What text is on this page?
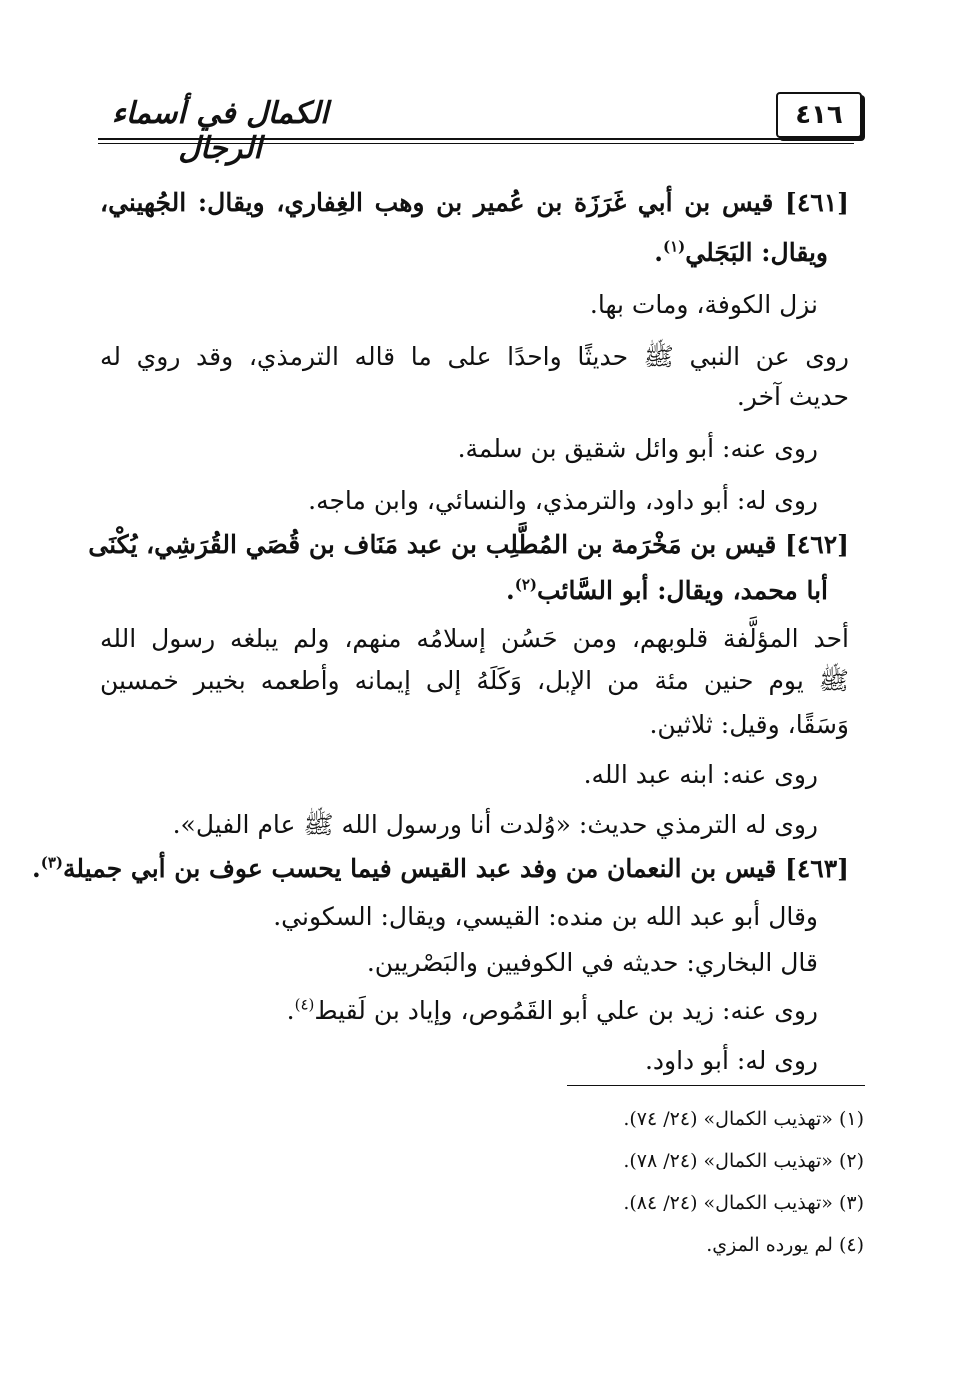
٤١٦
الكمال في أسماء الرجال
[٤٦١] قيس بن أبي غَرَزَة بن عُمير بن وهب الغِفاري، ويقال: الجُهيني،
ويقال: البَجَلي$^{(١)}$.
نزل الكوفة، ومات بها.
روى عن النبي ﷺ حديثًا واحدًا على ما قاله الترمذي، وقد روي له
حديث آخر.
روى عنه: أبو وائل شقيق بن سلمة.
روى له: أبو داود، والترمذي، والنسائي، وابن ماجه.
[٤٦٢] قيس بن مَخْرَمة بن المُطَّلِب بن عبد مَنَاف بن قُصَي القُرَشِي، يُكْنَى
أبا محمد، ويقال: أبو السَّائب$^{(٢)}$.
أحد المؤلَّفة قلوبهم، ومن حَسُن إسلامُه منهم، ولم يبلغه رسول الله
ﷺ يوم حنين مئة من الإبل، وَكَلَهُ إلى إيمانه وأطعمه بخيبر خمسين
وَسَقًا، وقيل: ثلاثين.
روى عنه: ابنه عبد الله.
روى له الترمذي حديث: «وُلدت أنا ورسول الله ﷺ عام الفيل».
[٤٦٣] قيس بن النعمان من وفد عبد القيس فيما يحسب عوف بن أبي جميلة$^{(٣)}$.
وقال أبو عبد الله بن منده: القيسي، ويقال: السكوني.
قال البخاري: حديثه في الكوفيين والبَصْريين.
روى عنه: زيد بن علي أبو القَمُوص، وإياد بن لَقيط$^{(٤)}$.
روى له: أبو داود.
(١) «تهذيب الكمال» (٢٤/ ٧٤).
(٢) «تهذيب الكمال» (٢٤/ ٧٨).
(٣) «تهذيب الكمال» (٢٤/ ٨٤).
(٤) لم يورده المزي.
